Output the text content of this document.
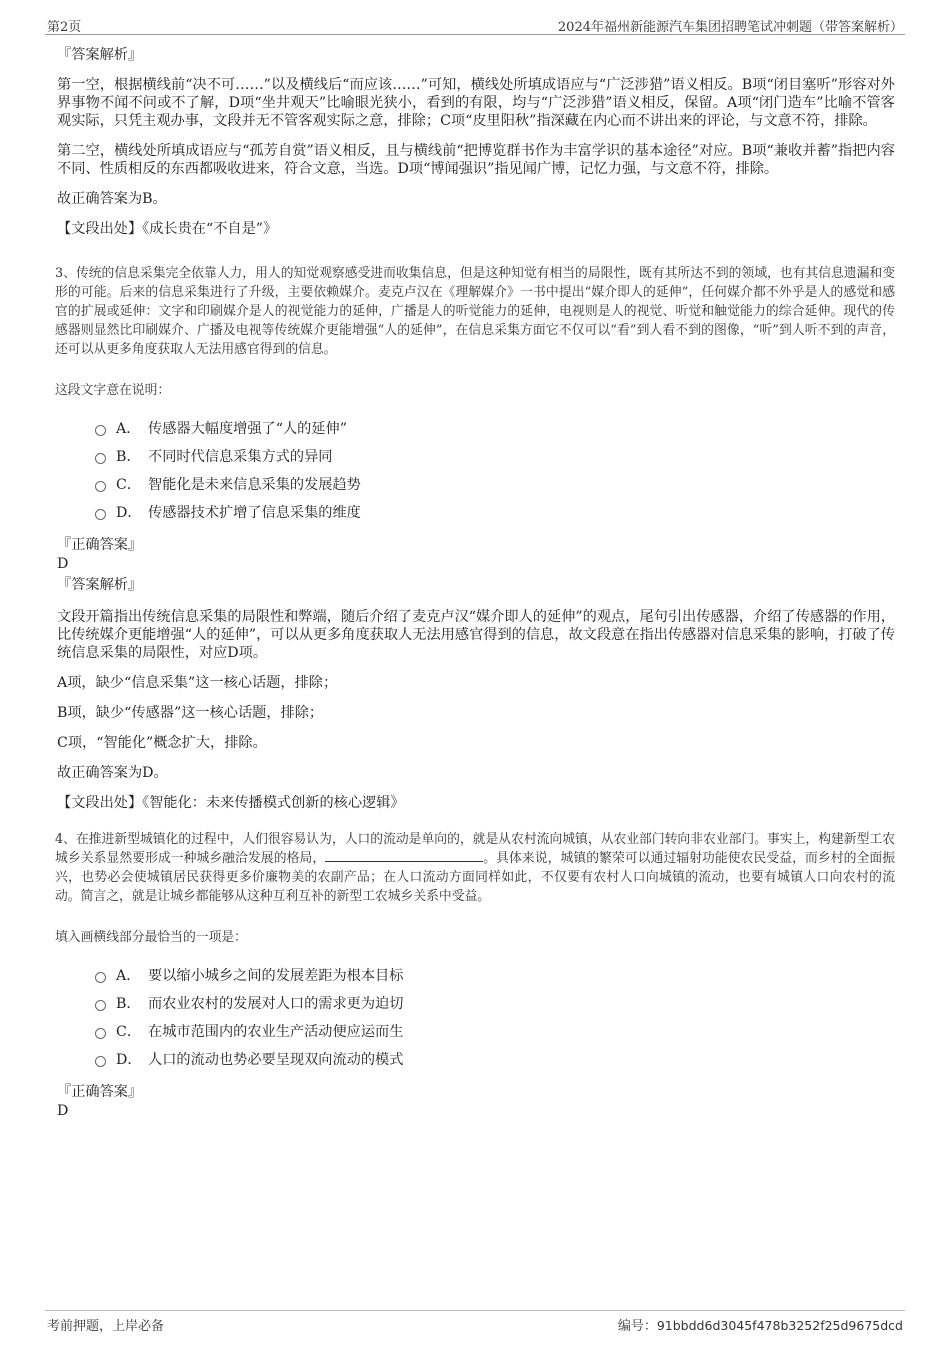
第2页	2024年福州新能源汽车集团招聘笔试冲刺题（带答案解析）
『答案解析』

第一空，根据横线前“决不可……”以及横线后“而应该……”可知，横线处所填成语应与“广泛涉猎”语义相反。B项“闭目塞听”形容对外界事物不闻不问或不了解，D项“坐井观天”比喻眼光狭小，看到的有限，均与“广泛涉猎”语义相反，保留。A项“闭门造车”比喻不管客观实际，只凭主观办事，文段并无不管客观实际之意，排除；C项“皮里阳秋”指深藏在内心而不讲出来的评论，与文意不符，排除。

第二空，横线处所填成语应与“孤芳自赏”语义相反，且与横线前“把博览群书作为丰富学识的基本途径”对应。B项“兼收并蓄”指把内容不同、性质相反的东西都吸收进来，符合文意，当选。D项“博闻强识”指见闻广博，记忆力强，与文意不符，排除。

故正确答案为B。

【文段出处】《成长贵在“不自是”》
3、传统的信息采集完全依靠人力，用人的知觉观察感受进而收集信息，但是这种知觉有相当的局限性，既有其所达不到的领域，也有其信息遗漏和变形的可能。后来的信息采集进行了升级，主要依赖媒介。麦克卢汉在《理解媒介》一书中提出“媒介即人的延伸”，任何媒介都不外乎是人的感觉和感官的扩展或延伸：文字和印刷媒介是人的视觉能力的延伸，广播是人的听觉能力的延伸，电视则是人的视觉、听觉和触觉能力的综合延伸。现代的传感器则显然比印刷媒介、广播及电视等传统媒介更能增强“人的延伸”，在信息采集方面它不仅可以“看”到人看不到的图像，“听”到人听不到的声音，还可以从更多角度获取人无法用感官得到的信息。
这段文字意在说明：
A． 传感器大幅度增强了“人的延伸”
B． 不同时代信息采集方式的异同
C． 智能化是未来信息采集的发展趋势
D． 传感器技术扩增了信息采集的维度
『正确答案』
D
『答案解析』

文段开篇指出传统信息采集的局限性和弊端，随后介绍了麦克卢汉“媒介即人的延伸”的观点，尾句引出传感器，介绍了传感器的作用，比传统媒介更能增强“人的延伸”，可以从更多角度获取人无法用感官得到的信息，故文段意在指出传感器对信息采集的影响，打破了传统信息采集的局限性，对应D项。

A项，缺少“信息采集”这一核心话题，排除；

B项，缺少“传感器”这一核心话题，排除；

C项，“智能化”概念扩大，排除。

故正确答案为D。

【文段出处】《智能化：未来传播模式创新的核心逻辑》
4、在推进新型城镇化的过程中，人们很容易认为，人口的流动是单向的，就是从农村流向城镇，从农业部门转向非农业部门。事实上，构建新型工农城乡关系显然要形成一种城乡融洽发展的格局，	。具体来说，城镇的繁荣可以通过辐射功能使农民受益，而乡村的全面振兴，也势必会使城镇居民获得更多价廉物美的农副产品；在人口流动方面同样如此，不仅要有农村人口向城镇的流动，也要有城镇人口向农村的流动。简言之，就是让城乡都能够从这种互利互补的新型工农城乡关系中受益。
填入画横线部分最恰当的一项是：
A． 要以缩小城乡之间的发展差距为根本目标
B． 而农业农村的发展对人口的需求更为迫切
C． 在城市范围内的农业生产活动便应运而生
D． 人口的流动也势必要呈现双向流动的模式
『正确答案』
D
考前押题，上岸必备	编号：91bbdd6d3045f478b3252f25d9675dcd
